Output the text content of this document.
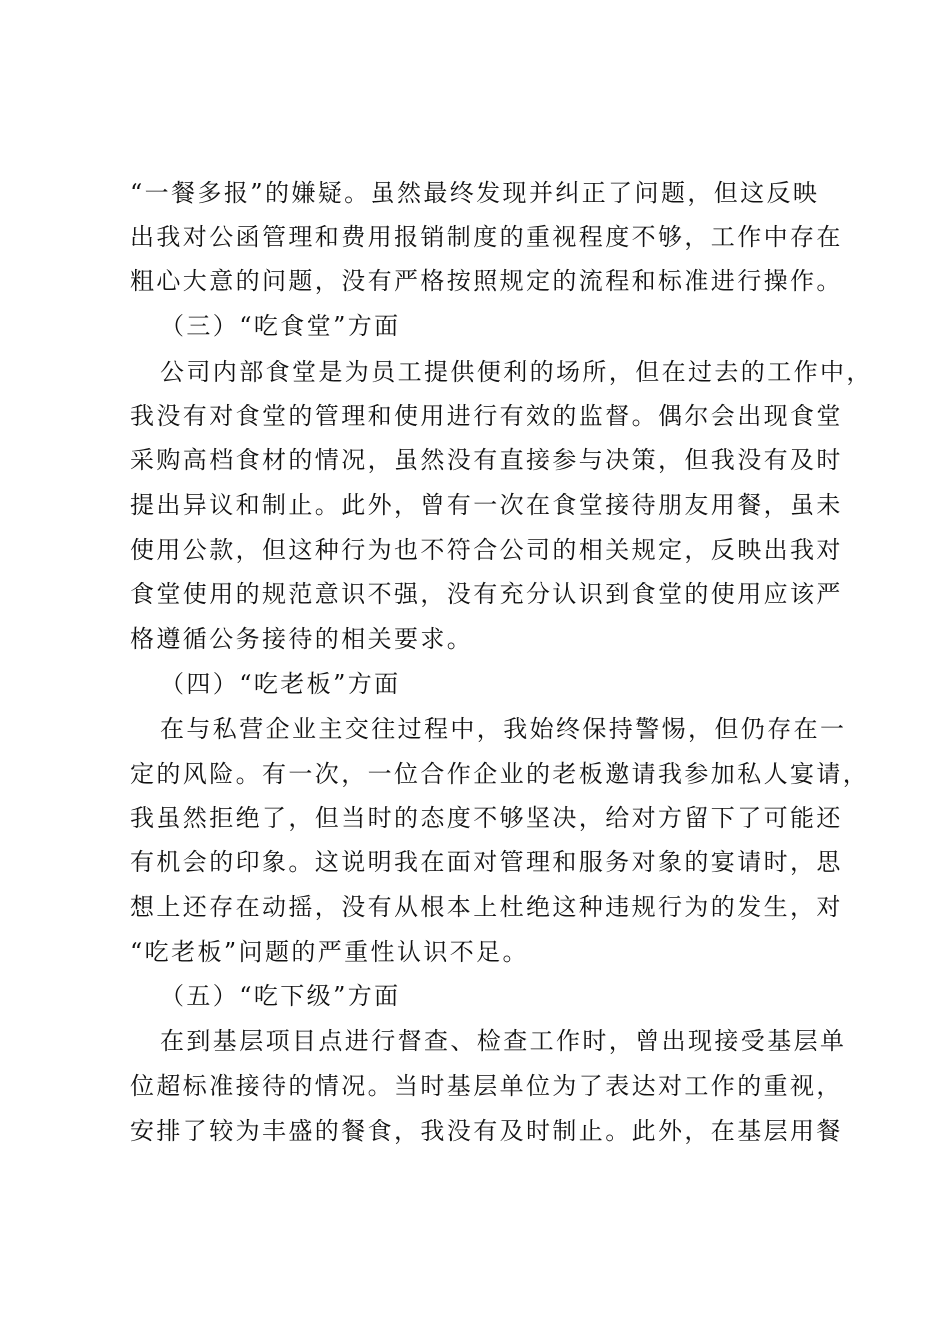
“一餐多报”的嫌疑。虽然最终发现并纠正了问题，但这反映
出我对公函管理和费用报销制度的重视程度不够，工作中存在
粗心大意的问题，没有严格按照规定的流程和标准进行操作。
（三）“吃食堂”方面
公司内部食堂是为员工提供便利的场所，但在过去的工作中，
我没有对食堂的管理和使用进行有效的监督。偶尔会出现食堂
采购高档食材的情况，虽然没有直接参与决策，但我没有及时
提出异议和制止。此外，曾有一次在食堂接待朋友用餐，虽未
使用公款，但这种行为也不符合公司的相关规定，反映出我对
食堂使用的规范意识不强，没有充分认识到食堂的使用应该严
格遵循公务接待的相关要求。
（四）“吃老板”方面
在与私营企业主交往过程中，我始终保持警惕，但仍存在一
定的风险。有一次，一位合作企业的老板邀请我参加私人宴请，
我虽然拒绝了，但当时的态度不够坚决，给对方留下了可能还
有机会的印象。这说明我在面对管理和服务对象的宴请时，思
想上还存在动摇，没有从根本上杜绝这种违规行为的发生，对
“吃老板”问题的严重性认识不足。
（五）“吃下级”方面
在到基层项目点进行督查、检查工作时，曾出现接受基层单
位超标准接待的情况。当时基层单位为了表达对工作的重视，
安排了较为丰盛的餐食，我没有及时制止。此外，在基层用餐
